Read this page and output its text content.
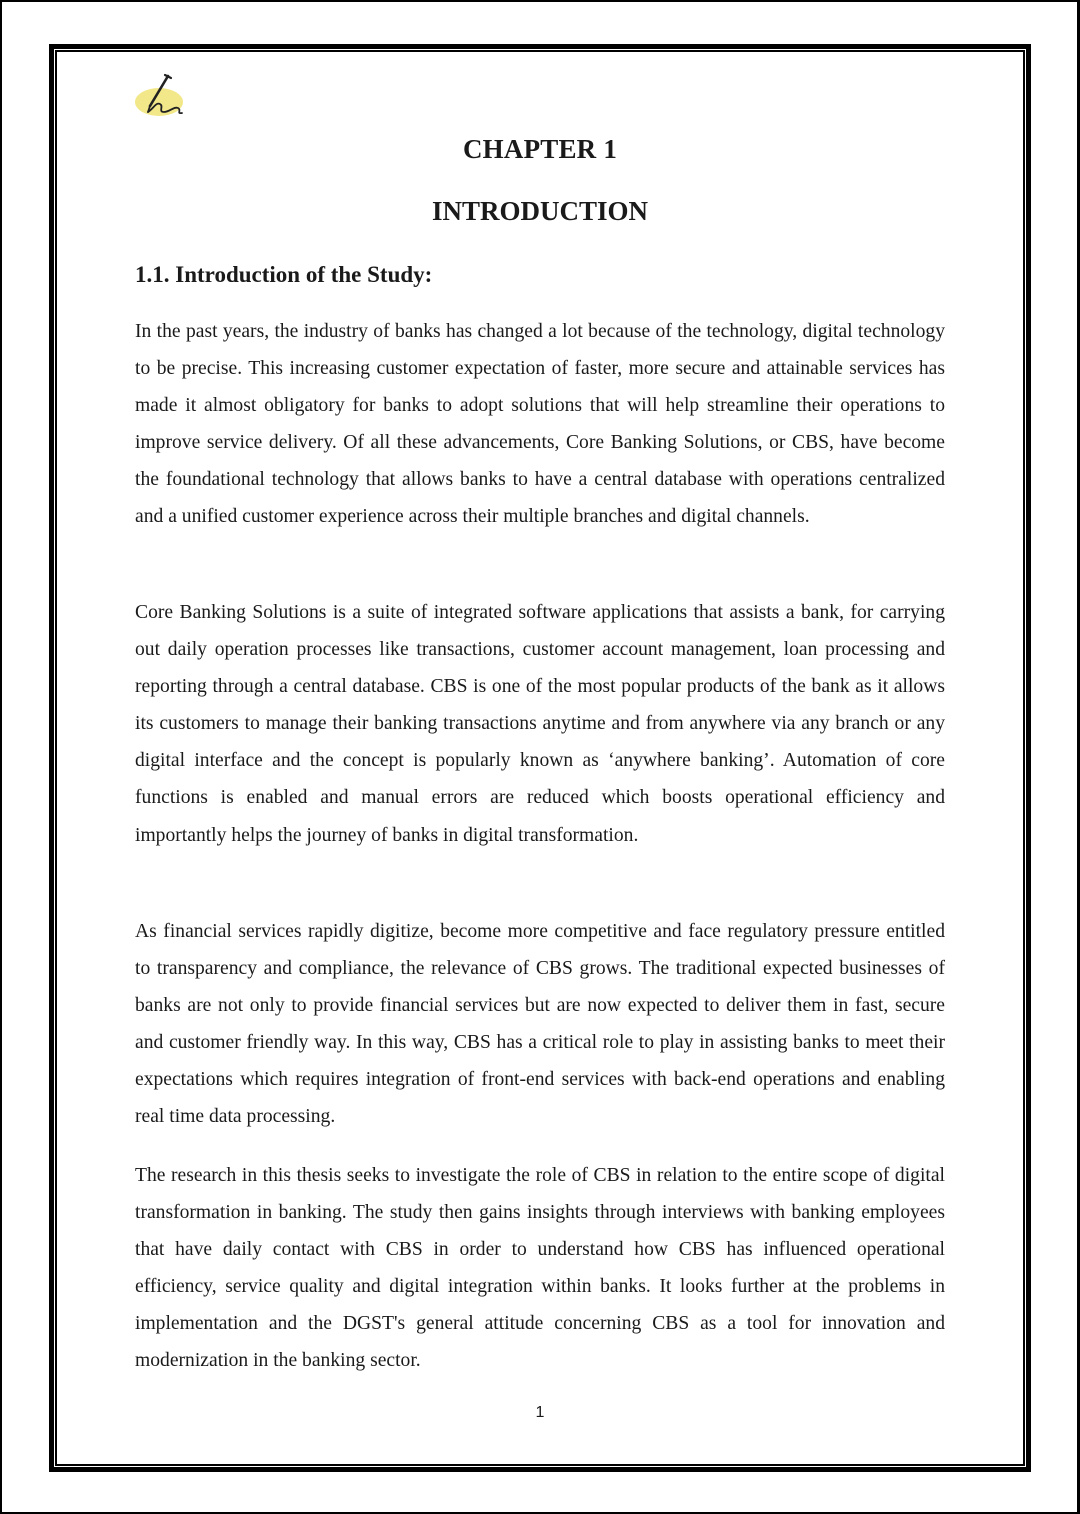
CHAPTER 1
INTRODUCTION
1.1. Introduction of the Study:

In the past years, the industry of banks has changed a lot because of the technology, digital technology to be precise. This increasing customer expectation of faster, more secure and attainable services has made it almost obligatory for banks to adopt solutions that will help streamline their operations to improve service delivery. Of all these advancements, Core Banking Solutions, or CBS, have become the foundational technology that allows banks to have a central database with operations centralized and a unified customer experience across their multiple branches and digital channels.

Core Banking Solutions is a suite of integrated software applications that assists a bank, for carrying out daily operation processes like transactions, customer account management, loan processing and reporting through a central database. CBS is one of the most popular products of the bank as it allows its customers to manage their banking transactions anytime and from anywhere via any branch or any digital interface and the concept is popularly known as ‘anywhere banking’. Automation of core functions is enabled and manual errors are reduced which boosts operational efficiency and importantly helps the journey of banks in digital transformation.

As financial services rapidly digitize, become more competitive and face regulatory pressure entitled to transparency and compliance, the relevance of CBS grows. The traditional expected businesses of banks are not only to provide financial services but are now expected to deliver them in fast, secure and customer friendly way. In this way, CBS has a critical role to play in assisting banks to meet their expectations which requires integration of front-end services with back-end operations and enabling real time data processing.

The research in this thesis seeks to investigate the role of CBS in relation to the entire scope of digital transformation in banking. The study then gains insights through interviews with banking employees that have daily contact with CBS in order to understand how CBS has influenced operational efficiency, service quality and digital integration within banks. It looks further at the problems in implementation and the DGST's general attitude concerning CBS as a tool for innovation and modernization in the banking sector.

1
